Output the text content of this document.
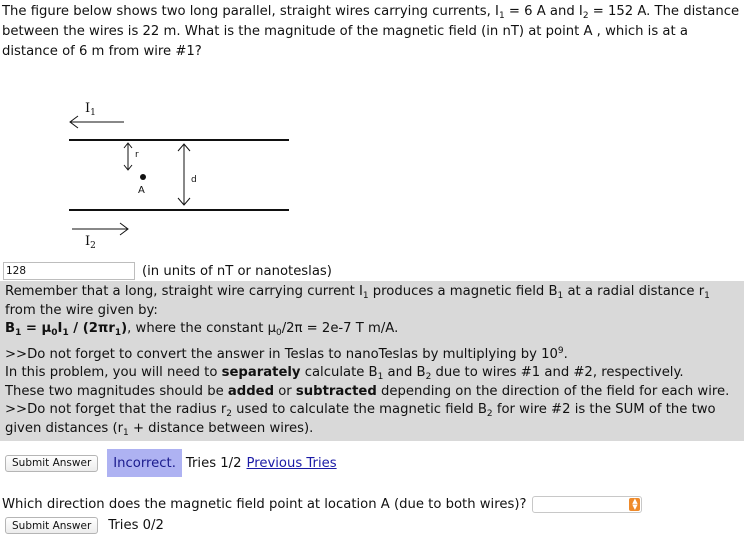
The figure below shows two long parallel, straight wires carrying currents, $I_1 = 6$ A and $I_2 = 152$ A. The distance between the wires is 22 m. What is the magnitude of the magnetic field (in nT) at point A , which is at a distance of 6 m from wire #1?
$I_1$
r
A
d
$I_2$
128
(in units of nT or nanoteslas)

Remember that a long, straight wire carrying current $I_1$ produces a magnetic field $B_1$ at a radial distance $r_1$ from the wire given by:

$B_1 = \mu_0I_1 / (2\pi r_1)$, where the constant $\mu_0/2\pi = 2e-7$ T m/A.

>>Do not forget to convert the answer in Teslas to nanoTeslas by multiplying by $10^9$.

In this problem, you will need to separately calculate $B_1$ and $B_2$ due to wires #1 and #2, respectively.

These two magnitudes should be added or subtracted depending on the direction of the field for each wire.

>>Do not forget that the radius $r_2$ used to calculate the magnetic field $B_2$ for wire #2 is the SUM of the two given distances ($r_1$ + distance between wires).

Submit Answer	Incorrect. Tries 1/2 Previous Tries
Which direction does the magnetic field point at location A (due to both wires)?	▲
▼
Submit Answer	Tries 0/2
